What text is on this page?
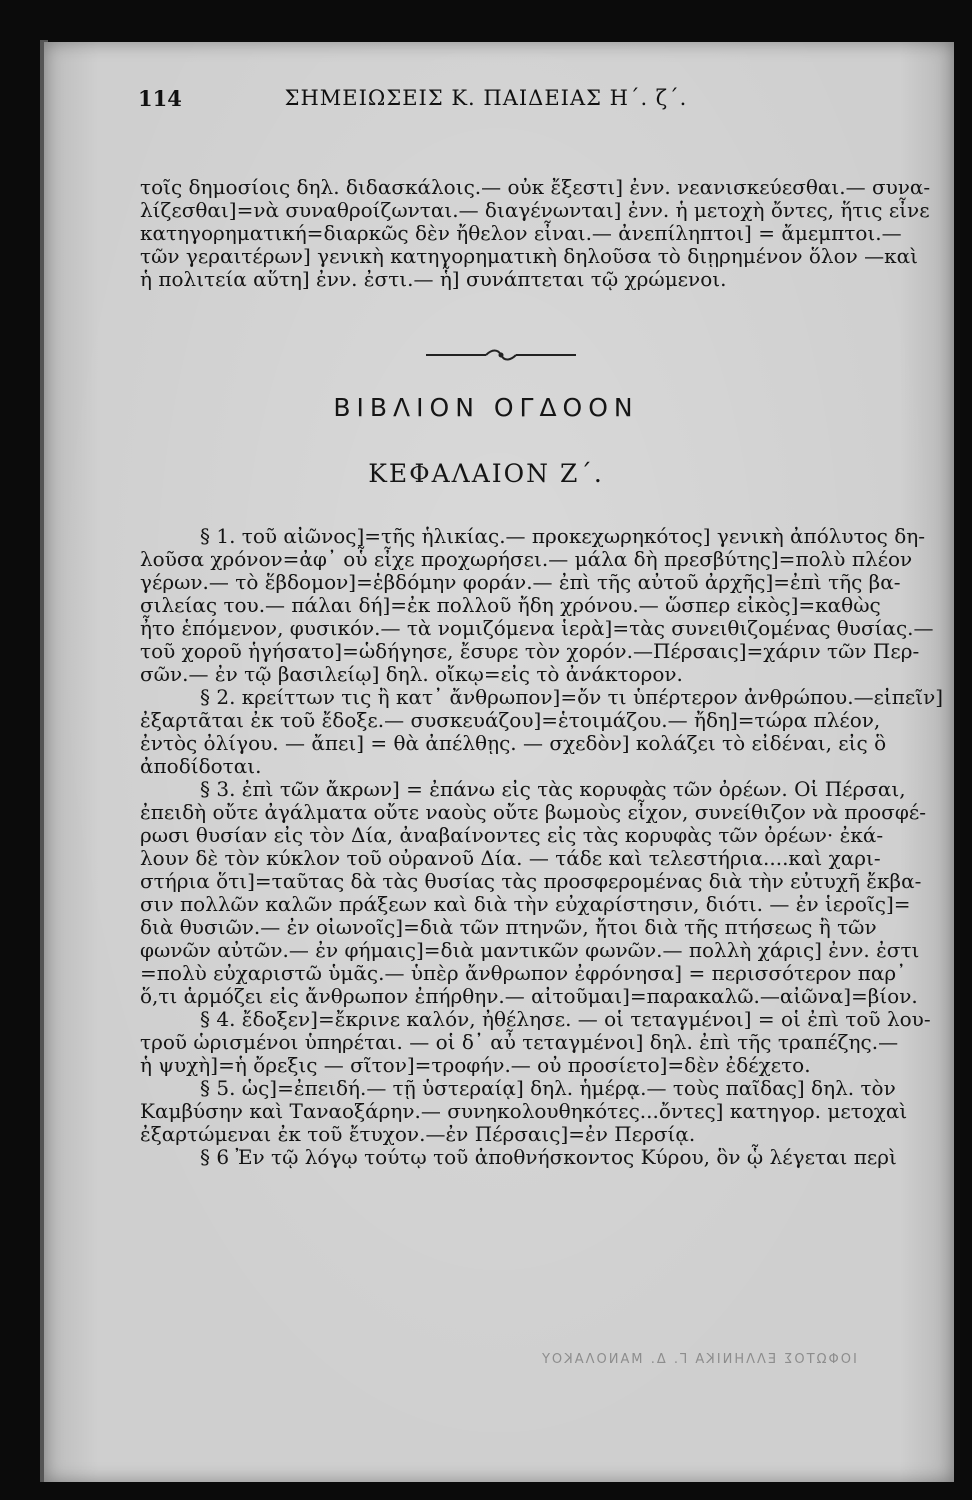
114	ΣΗΜΕΙΩΣΕΙΣ Κ. ΠΑΙΔΕΙΑΣ Η΄. ζ΄.
τοῖς δημοσίοις δηλ. διδασκάλοις.— οὐκ ἔξεστι] ἐνν. νεανισκεύεσθαι.— συνα-
λίζεσθαι]=νὰ συναθροίζωνται.— διαγένωνται] ἐνν. ἡ μετοχὴ ὄντες, ἥτις εἶνε
κατηγορηματική=διαρκῶς δὲν ἤθελον εἶναι.— ἀνεπίληπτοι] = ἄμεμπτοι.—
τῶν γεραιτέρων] γενικὴ κατηγορηματικὴ δηλοῦσα τὸ διῃρημένον ὅλον —καὶ
ἡ πολιτεία αὕτη] ἐνν. ἐστι.— ἧ] συνάπτεται τῷ χρώμενοι.
ΒΙΒΛΙΟΝ ΟΓΔΟΟΝ
ΚΕΦΑΛΑΙΟΝ Ζ΄.
§ 1. τοῦ αἰῶνος]=τῆς ἡλικίας.— προκεχωρηκότος] γενικὴ ἀπόλυτος δη-
λοῦσα χρόνον=ἀφ᾽ οὗ εἶχε προχωρήσει.— μάλα δὴ πρεσβύτης]=πολὺ πλέον
γέρων.— τὸ ἕβδομον]=ἑβδόμην φοράν.— ἐπὶ τῆς αὐτοῦ ἀρχῆς]=ἐπὶ τῆς βα-
σιλείας του.— πάλαι δή]=ἐκ πολλοῦ ἤδη χρόνου.— ὥσπερ εἰκὸς]=καθὼς
ἦτο ἑπόμενον, φυσικόν.— τὰ νομιζόμενα ἱερὰ]=τὰς συνειθιζομένας θυσίας.—
τοῦ χοροῦ ἡγήσατο]=ὡδήγησε, ἔσυρε τὸν χορόν.—Πέρσαις]=χάριν τῶν Περ-
σῶν.— ἐν τῷ βασιλείῳ] δηλ. οἴκῳ=εἰς τὸ ἀνάκτορον.
§ 2. κρείττων τις ἢ κατ᾽ ἄνθρωπον]=ὄν τι ὑπέρτερον ἀνθρώπου.—εἰπεῖν]
ἐξαρτᾶται ἐκ τοῦ ἔδοξε.— συσκευάζου]=ἑτοιμάζου.— ἤδη]=τώρα πλέον,
ἐντὸς ὀλίγου. — ἄπει] = θὰ ἀπέλθῃς. — σχεδὸν] κολάζει τὸ εἰδέναι, εἰς ὃ
ἀποδίδοται.
§ 3. ἐπὶ τῶν ἄκρων] = ἐπάνω εἰς τὰς κορυφὰς τῶν ὀρέων. Οἱ Πέρσαι,
ἐπειδὴ οὔτε ἀγάλματα οὔτε ναοὺς οὔτε βωμοὺς εἶχον, συνείθιζον νὰ προσφέ-
ρωσι θυσίαν εἰς τὸν Δία, ἀναβαίνοντες εἰς τὰς κορυφὰς τῶν ὀρέων· ἐκά-
λουν δὲ τὸν κύκλον τοῦ οὐρανοῦ Δία. — τάδε καὶ τελεστήρια....καὶ χαρι-
στήρια ὅτι]=ταῦτας δὰ τὰς θυσίας τὰς προσφερομένας διὰ τὴν εὐτυχῆ ἔκβα-
σιν πολλῶν καλῶν πράξεων καὶ διὰ τὴν εὐχαρίστησιν, διότι. — ἐν ἱεροῖς]=
διὰ θυσιῶν.— ἐν οἰωνοῖς]=διὰ τῶν πτηνῶν, ἤτοι διὰ τῆς πτήσεως ἢ τῶν
φωνῶν αὐτῶν.— ἐν φήμαις]=διὰ μαντικῶν φωνῶν.— πολλὴ χάρις] ἐνν. ἐστι
=πολὺ εὐχαριστῶ ὑμᾶς.— ὑπὲρ ἄνθρωπον ἐφρόνησα] = περισσότερον παρ᾽
ὅ,τι ἁρμόζει εἰς ἄνθρωπον ἐπήρθην.— αἰτοῦμαι]=παρακαλῶ.—αἰῶνα]=βίον.
§ 4. ἔδοξεν]=ἔκρινε καλόν, ἠθέλησε. — οἱ τεταγμένοι] = οἱ ἐπὶ τοῦ λου-
τροῦ ὡρισμένοι ὑπηρέται. — οἱ δ᾽ αὖ τεταγμένοι] δηλ. ἐπὶ τῆς τραπέζης.—
ἡ ψυχὴ]=ἡ ὄρεξις — σῖτον]=τροφήν.— οὐ προσίετο]=δὲν ἐδέχετο.
§ 5. ὡς]=ἐπειδή.— τῇ ὑστεραίᾳ] δηλ. ἡμέρᾳ.— τοὺς παῖδας] δηλ. τὸν
Καμβύσην καὶ Ταναοξάρην.— συνηκολουθηκότες...ὄντες] κατηγορ. μετοχαὶ
ἐξαρτώμεναι ἐκ τοῦ ἔτυχον.—ἐν Πέρσαις]=ἐν Περσίᾳ.
§ 6 Ἐν τῷ λόγῳ τούτῳ τοῦ ἀποθνήσκοντος Κύρου, ὃν ᾧ λέγεται περὶ
ΙΟΦΩΤΟΣ ΕΛΛΗΝΙΚΑ Γ. Δ. ΜΑΝΟΛΑΚΟΥ
